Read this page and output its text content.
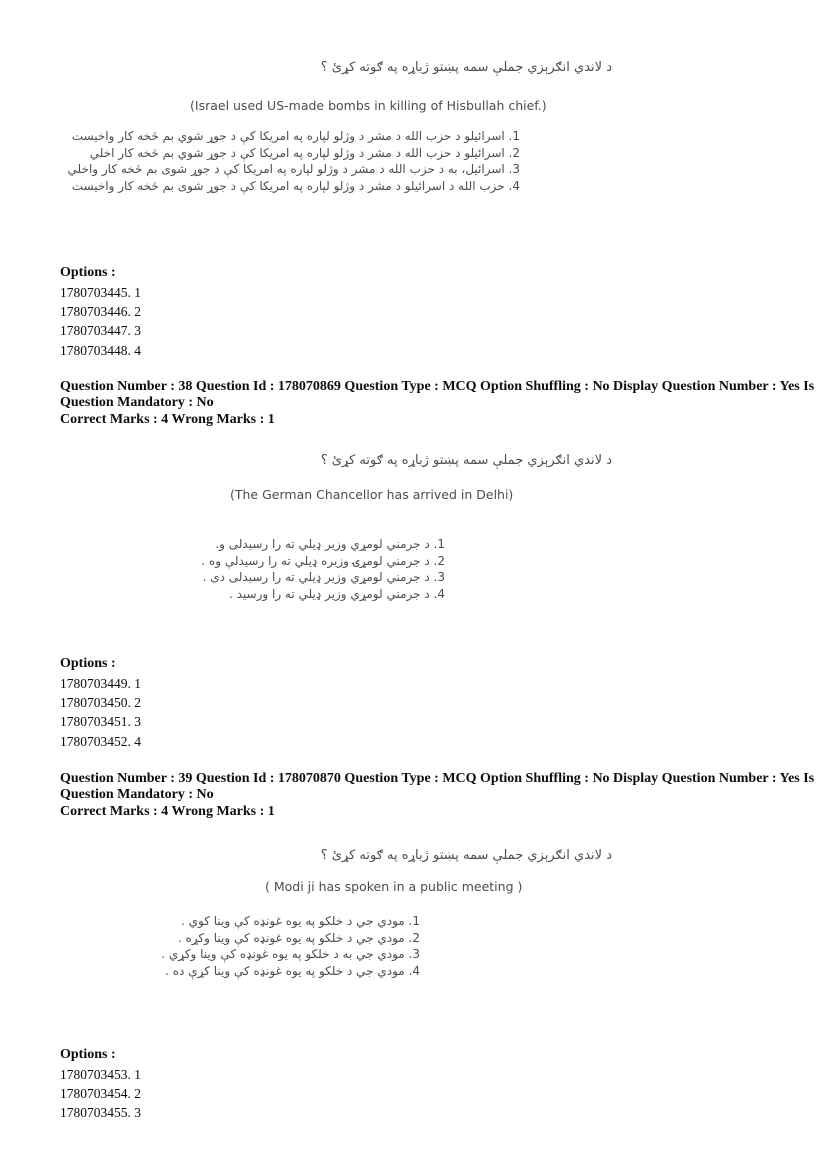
د لاندي انګرېزي جملې سمه پښتو ژباړه په ګوته کړئ ؟
(Israel used US-made bombs in killing of Hisbullah chief.)
1. اسرائیلو د حزب الله د مشر د وژلو لپاره په امریکا کې د جوړ شوي بم څخه کار واخیست
2. اسرائیلو د حزب الله د مشر د وژلو لپاره په امریکا کې د جوړ شوي بم څخه کار اخلي
3. اسرائیل، به د حزب الله د مشر د وژلو لپاره په امریکا کې د جوړ شوی بم څخه کار واخلي
4. حزب الله د اسرائیلو د مشر د وژلو لپاره په امریکا کې د جوړ شوی بم څخه کار واخیست
Options :
1780703445. 1
1780703446. 2
1780703447. 3
1780703448. 4
Question Number : 38 Question Id : 178070869 Question Type : MCQ Option Shuffling : No Display Question Number : Yes Is
Question Mandatory : No
Correct Marks : 4 Wrong Marks : 1
د لاندي انګرېزي جملې سمه پښتو ژباړه په ګوته کړئ ؟
(The German Chancellor has arrived in Delhi)
1. د جرمني لومړي وزیر ډیلي ته را رسیدلی و.
2. د جرمني لومړۍ وزیره ډیلي ته را رسیدلې وه .
3. د جرمني لومړي وزیر ډیلي ته را رسیدلی دی .
4. د جرمني لومړي وزیر ډیلي ته را ورسید .
Options :
1780703449. 1
1780703450. 2
1780703451. 3
1780703452. 4
Question Number : 39 Question Id : 178070870 Question Type : MCQ Option Shuffling : No Display Question Number : Yes Is
Question Mandatory : No
Correct Marks : 4 Wrong Marks : 1
د لاندي انګرېزي جملې سمه پښتو ژباړه په ګوته کړئ ؟
( Modi ji has spoken in a public meeting )
1. مودي جي د خلکو په یوه غونډه کې وینا کوي .
2. مودي جي د خلکو په یوه غونډه کې وینا وکړه .
3. مودي جي به د خلکو په یوه غونډه کې وینا وکړي .
4. مودي جي د خلکو په یوه غونډه کې وینا کړې ده .
Options :
1780703453. 1
1780703454. 2
1780703455. 3
